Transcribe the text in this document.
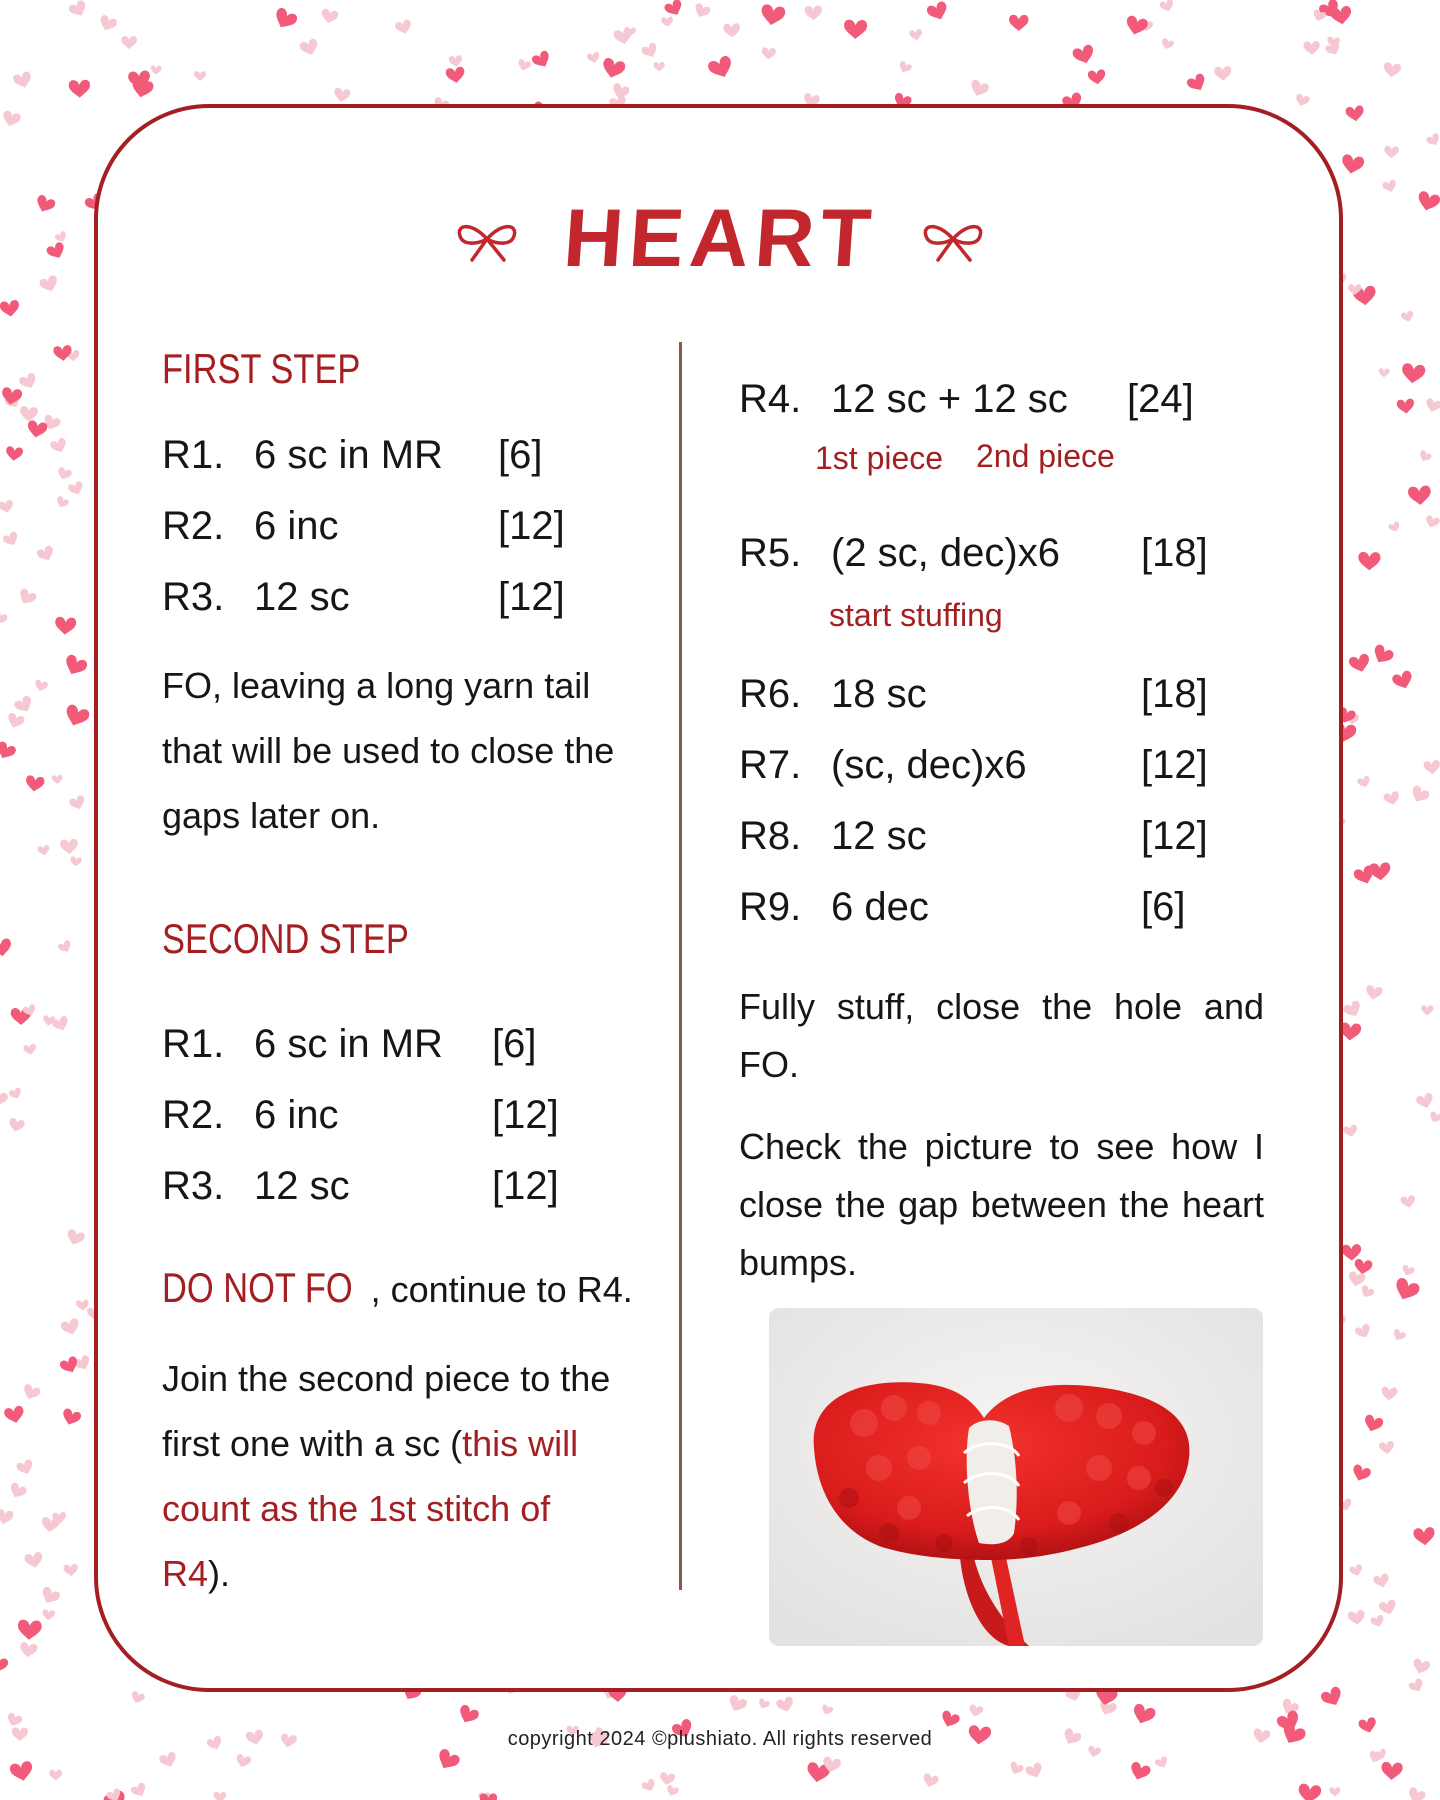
HEART
FIRST STEP
R1. 6 sc in MR [6]
R2. 6 inc	[12]
R3. 12 sc	[12]

FO, leaving a long yarn tail that will be used to close the gaps later on.

SECOND STEP
R1. 6 sc in MR [6]
R2. 6 inc	[12]
R3. 12 sc	[12]

DO NOT FO , continue to R4.

Join the second piece to the first one with a sc (this will count as the 1st stitch of R4).

R4. 12 sc + 12 sc [24]
1st piece 2nd piece
R5. (2 sc, dec)x6 [18]
start stuffing
R6. 18 sc	[18]
R7. (sc, dec)x6	[12]
R8. 12 sc	[12]
R9. 6 dec	[6]

Fully stuff, close the hole and FO.

Check the picture to see how I close the gap between the heart bumps.

copyright 2024 ©plushiato. All rights reserved
